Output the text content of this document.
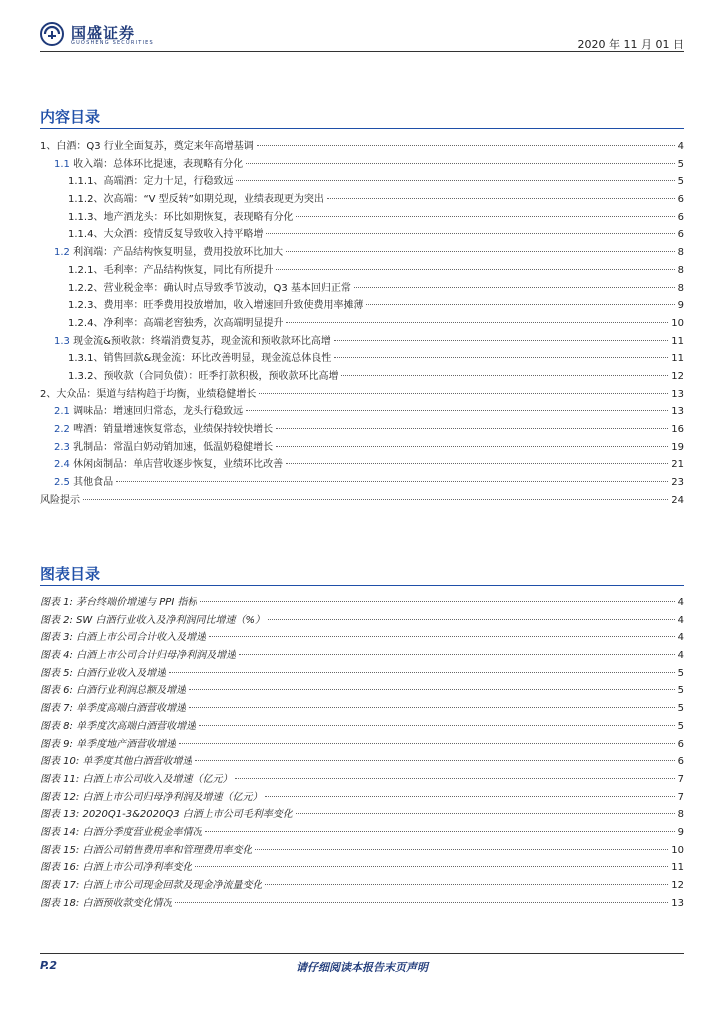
国盛证券
GUOSHENG SECURITIES	2020 年 11 月 01 日
内容目录
1、白酒：Q3 行业全面复苏，奠定来年高增基调	4
1.1 收入端：总体环比提速，表现略有分化	5
1.1.1、高端酒：定力十足，行稳致远	5
1.1.2、次高端：“V 型反转”如期兑现，业绩表现更为突出	6
1.1.3、地产酒龙头：环比如期恢复，表现略有分化	6
1.1.4、大众酒：疫情反复导致收入持平略增	6
1.2 利润端：产品结构恢复明显，费用投放环比加大	8
1.2.1、毛利率：产品结构恢复，同比有所提升	8
1.2.2、营业税金率：确认时点导致季节波动，Q3 基本回归正常	8
1.2.3、费用率：旺季费用投放增加，收入增速回升致使费用率摊薄	9
1.2.4、净利率：高端老窖独秀，次高端明显提升	10
1.3 现金流&预收款：终端消费复苏，现金流和预收款环比高增	11
1.3.1、销售回款&现金流：环比改善明显，现金流总体良性	11
1.3.2、预收款（合同负债）：旺季打款积极，预收款环比高增	12
2、大众品：渠道与结构趋于均衡，业绩稳健增长	13
2.1 调味品：增速回归常态，龙头行稳致远	13
2.2 啤酒：销量增速恢复常态，业绩保持较快增长	16
2.3 乳制品：常温白奶动销加速，低温奶稳健增长	19
2.4 休闲卤制品：单店营收逐步恢复，业绩环比改善	21
2.5 其他食品	23
风险提示	24
图表目录
图表 1: 茅台终端价增速与 PPI 指标	4
图表 2: SW 白酒行业收入及净利润同比增速（%）	4
图表 3: 白酒上市公司合计收入及增速	4
图表 4: 白酒上市公司合计归母净利润及增速	4
图表 5: 白酒行业收入及增速	5
图表 6: 白酒行业利润总额及增速	5
图表 7: 单季度高端白酒营收增速	5
图表 8: 单季度次高端白酒营收增速	5
图表 9: 单季度地产酒营收增速	6
图表 10: 单季度其他白酒营收增速	6
图表 11: 白酒上市公司收入及增速（亿元）	7
图表 12: 白酒上市公司归母净利润及增速（亿元）	7
图表 13: 2020Q1-3&2020Q3 白酒上市公司毛利率变化	8
图表 14: 白酒分季度营业税金率情况	9
图表 15: 白酒公司销售费用率和管理费用率变化	10
图表 16: 白酒上市公司净利率变化	11
图表 17: 白酒上市公司现金回款及现金净流量变化	12
图表 18: 白酒预收款变化情况	13
P.2	请仔细阅读本报告末页声明
